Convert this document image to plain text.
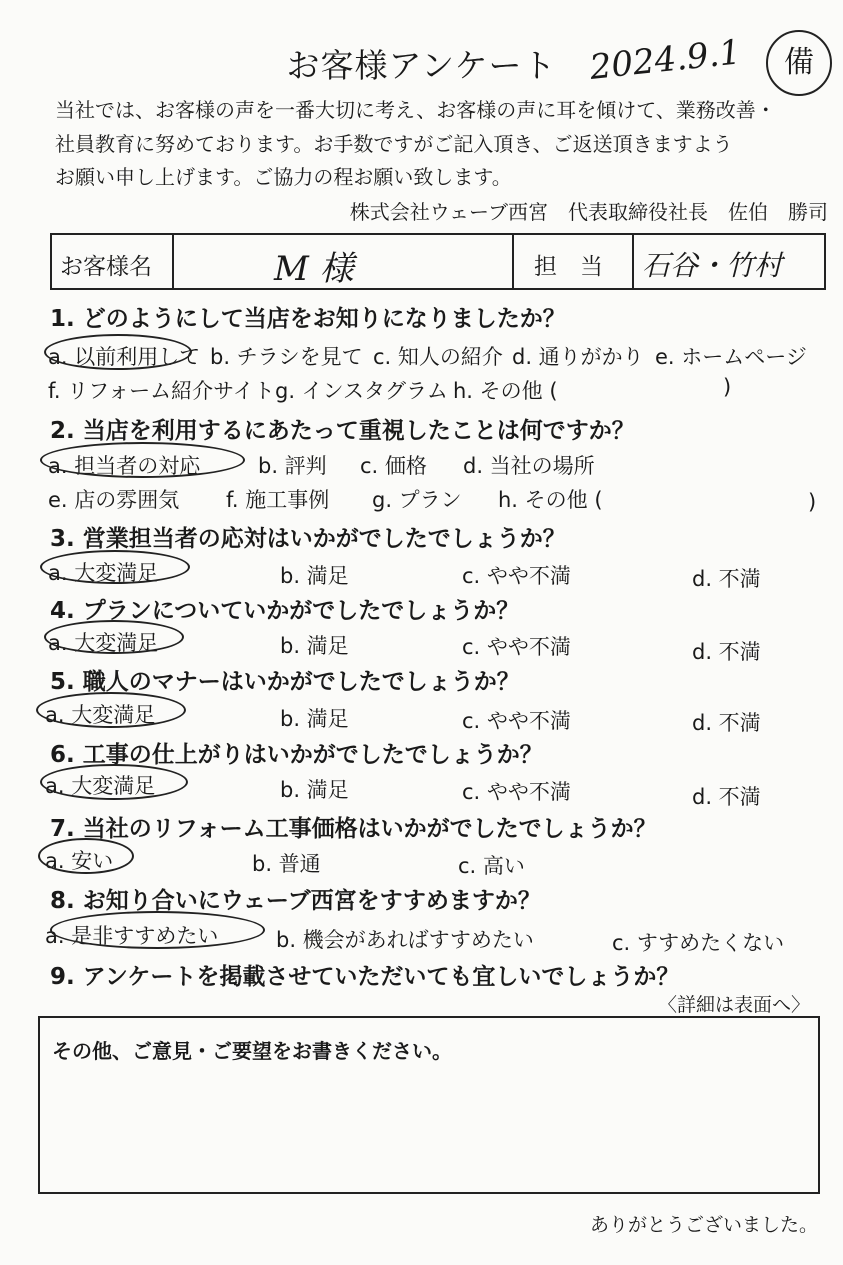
お客様アンケート 2024.9.1	備
当社では、お客様の声を一番大切に考え、お客様の声に耳を傾けて、業務改善・
社員教育に努めております。お手数ですがご記入頂き、ご返送頂きますよう
お願い申し上げます。ご協力の程お願い致します。
株式会社ウェーブ西宮　代表取締役社長　佐伯　勝司
お客様名	M 様	担　当 石谷・竹村
1. どのようにして当店をお知りになりましたか？
a. 以前利用して b. チラシを見て c. 知人の紹介 d. 通りがかり e. ホームページ
f. リフォーム紹介サイト g. インスタグラム h. その他 (	)
2. 当店を利用するにあたって重視したことは何ですか？
a. 担当者の対応	b. 評判 c. 価格 d. 当社の場所
e. 店の雰囲気 f. 施工事例 g. プラン h. その他 (	)
3. 営業担当者の応対はいかがでしたでしょうか？
a. 大変満足	b. 満足	c. やや不満	d. 不満
4. プランについていかがでしたでしょうか？
a. 大変満足	b. 満足	c. やや不満	d. 不満
5. 職人のマナーはいかがでしたでしょうか？
a. 大変満足	b. 満足	c. やや不満	d. 不満
6. 工事の仕上がりはいかがでしたでしょうか？
a. 大変満足	b. 満足	c. やや不満	d. 不満
7. 当社のリフォーム工事価格はいかがでしたでしょうか？
a. 安い	b. 普通	c. 高い
8. お知り合いにウェーブ西宮をすすめますか？
a. 是非すすめたい	b. 機会があればすすめたい	c. すすめたくない
9. アンケートを掲載させていただいても宜しいでしょうか？
〈詳細は表面へ〉
その他、ご意見・ご要望をお書きください。
ありがとうございました。
